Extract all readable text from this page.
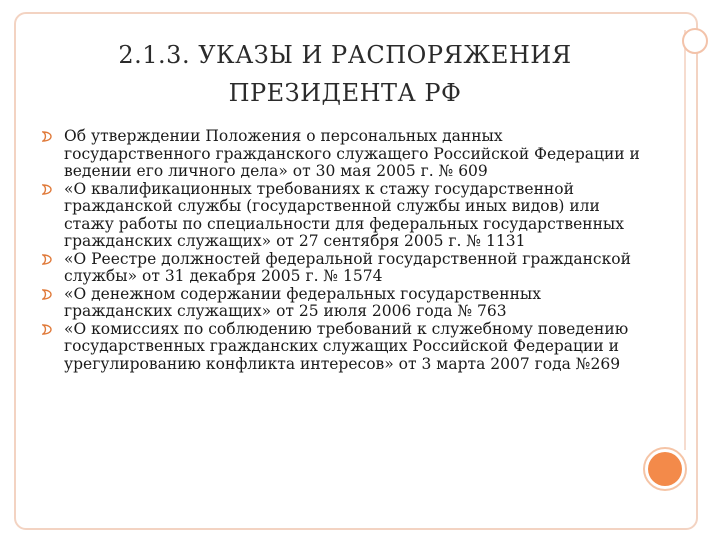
2.1.3. УКАЗЫ И РАСПОРЯЖЕНИЯ
ПРЕЗИДЕНТА РФ
Об утверждении Положения о персональных данных государственного гражданского служащего Российской Федерации и ведении его личного дела» от 30 мая 2005 г. № 609
«О квалификационных требованиях к стажу государственной гражданской службы (государственной службы иных видов) или стажу работы по специальности для федеральных государственных гражданских служащих» от 27 сентября 2005 г. № 1131
«О Реестре должностей федеральной государственной гражданской службы» от 31 декабря 2005 г. № 1574
«О денежном содержании федеральных государственных гражданских служащих» от 25 июля 2006 года № 763
«О комиссиях по соблюдению требований к служебному поведению государственных гражданских служащих Российской Федерации и урегулированию конфликта интересов» от 3 марта 2007 года №269
